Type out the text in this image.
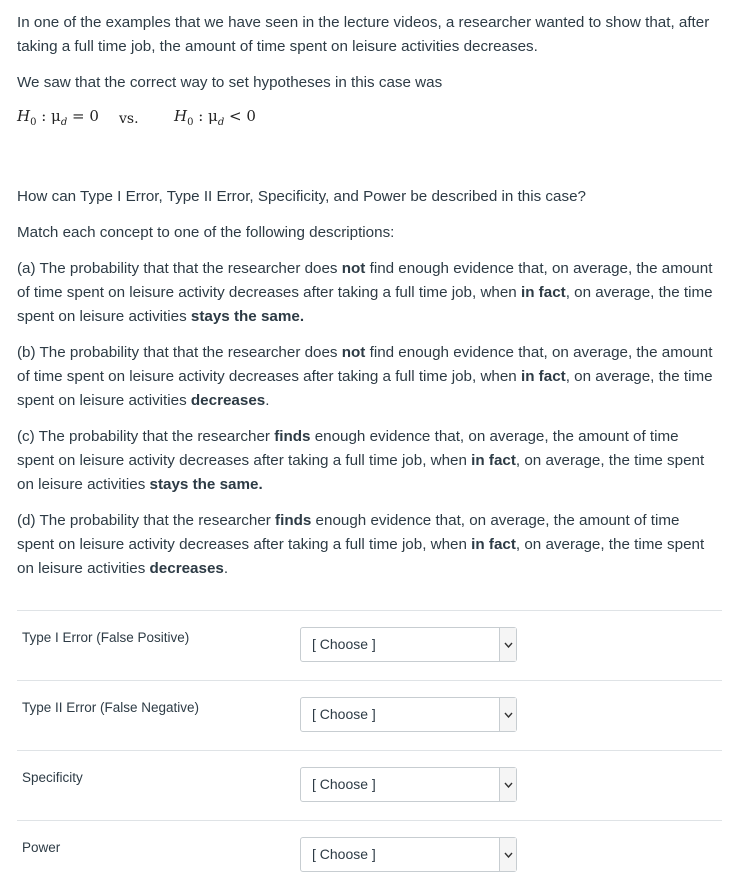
In one of the examples that we have seen in the lecture videos, a researcher wanted to show that, after taking a full time job, the amount of time spent on leisure activities decreases.

We saw that the correct way to set hypotheses in this case was

$H_0$ : $\mu_d = 0$	vs.	$H_0$ : $\mu_d < 0$

How can Type I Error, Type II Error, Specificity, and Power be described in this case?

Match each concept to one of the following descriptions:

(a) The probability that that the researcher does not find enough evidence that, on average, the amount of time spent on leisure activity decreases after taking a full time job, when in fact, on average, the time spent on leisure activities stays the same.

(b) The probability that that the researcher does not find enough evidence that, on average, the amount of time spent on leisure activity decreases after taking a full time job, when in fact, on average, the time spent on leisure activities decreases.

(c) The probability that the researcher finds enough evidence that, on average, the amount of time spent on leisure activity decreases after taking a full time job, when in fact, on average, the time spent on leisure activities stays the same.

(d) The probability that the researcher finds enough evidence that, on average, the amount of time spent on leisure activity decreases after taking a full time job, when in fact, on average, the time spent on leisure activities decreases.

Type I Error (False Positive)	[ Choose ]
Type II Error (False Negative)	[ Choose ]
Specificity	[ Choose ]
Power	[ Choose ]
